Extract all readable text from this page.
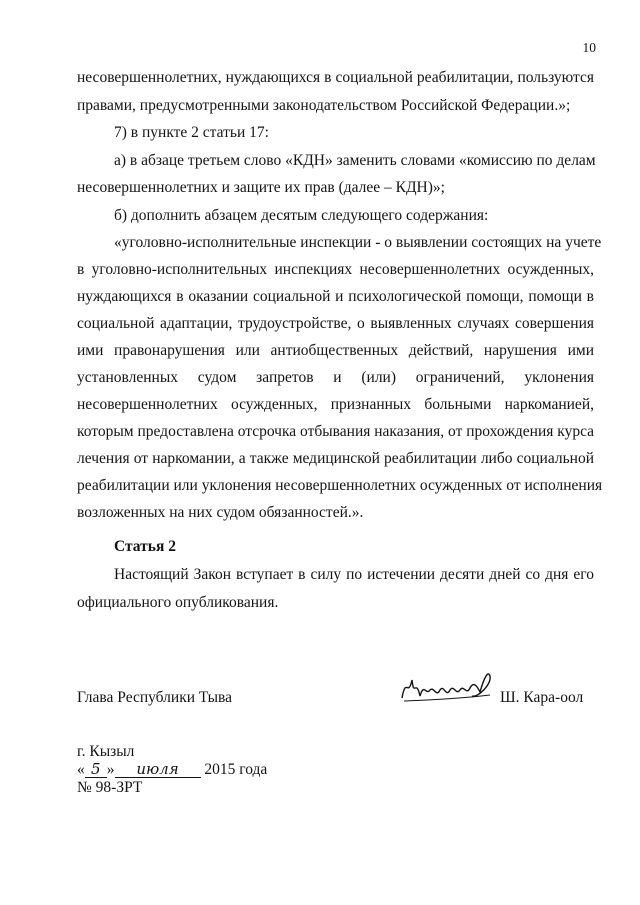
10

несовершеннолетних, нуждающихся в социальной реабилитации, пользуются

правами, предусмотренными законодательством Российской Федерации.»;

7) в пункте 2 статьи 17:

а) в абзаце третьем слово «КДН» заменить словами «комиссию по делам

несовершеннолетних и защите их прав (далее – КДН)»;

б) дополнить абзацем десятым следующего содержания:

«уголовно-исполнительные инспекции - о выявлении состоящих на учете

в уголовно-исполнительных инспекциях несовершеннолетних осужденных,

нуждающихся в оказании социальной и психологической помощи, помощи в

социальной адаптации, трудоустройстве, о выявленных случаях совершения

ими правонарушения или антиобщественных действий, нарушения ими

установленных судом запретов и (или) ограничений, уклонения

несовершеннолетних осужденных, признанных больными наркоманией,

которым предоставлена отсрочка отбывания наказания, от прохождения курса

лечения от наркомании, а также медицинской реабилитации либо социальной

реабилитации или уклонения несовершеннолетних осужденных от исполнения

возложенных на них судом обязанностей.».

Статья 2

Настоящий Закон вступает в силу по истечении десяти дней со дня его

официального опубликования.

Глава Республики Тыва	Ш. Кара-оол

г. Кызыл

« 5 » июля 2015 года

№ 98-ЗРТ
